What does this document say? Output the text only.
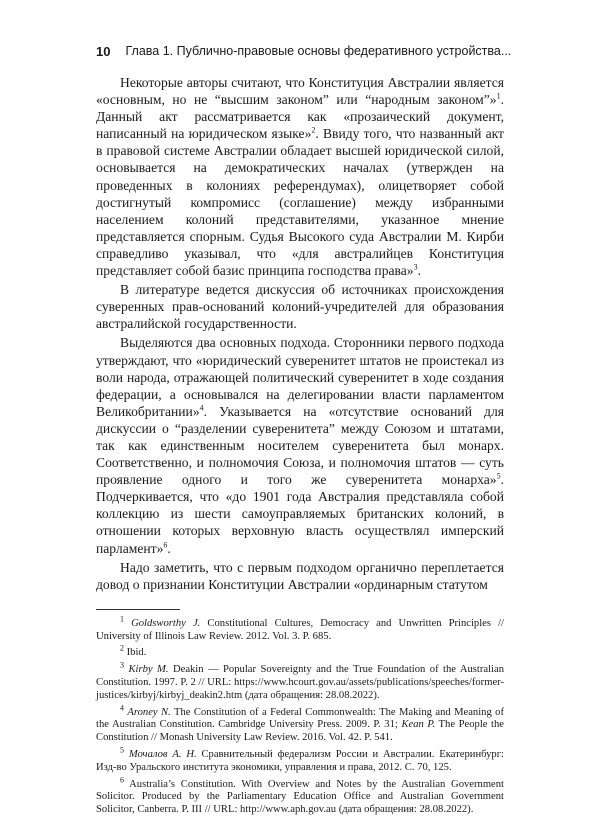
10 Глава 1. Публично-правовые основы федеративного устройства...

Некоторые авторы считают, что Конституция Австралии является «основным, но не “высшим законом” или “народным законом”»$^1$. Данный акт рассматривается как «прозаический документ, написанный на юридическом языке»$^2$. Ввиду того, что названный акт в правовой системе Австралии обладает высшей юридической силой, основывается на демократических началах (утвержден на проведенных в колониях референдумах), олицетворяет собой достигнутый компромисс (соглашение) между избранными населением колоний представителями, указанное мнение представляется спорным. Судья Высокого суда Австралии М. Кирби справедливо указывал, что «для австралийцев Конституция представляет собой базис принципа господства права»$^3$.

В литературе ведется дискуссия об источниках происхождения суверенных прав-оснований колоний-учредителей для образования австралийской государственности.

Выделяются два основных подхода. Сторонники первого подхода утверждают, что «юридический суверенитет штатов не проистекал из воли народа, отражающей политический суверенитет в ходе создания федерации, а основывался на делегировании власти парламентом Великобритании»$^4$. Указывается на «отсутствие оснований для дискуссии о “разделении суверенитета” между Союзом и штатами, так как единственным носителем суверенитета был монарх. Соответственно, и полномочия Союза, и полномочия штатов — суть проявление одного и того же суверенитета монарха»$^5$. Подчеркивается, что «до 1901 года Австралия представляла собой коллекцию из шести самоуправляемых британских колоний, в отношении которых верховную власть осуществлял имперский парламент»$^6$.

Надо заметить, что с первым подходом органично переплетается довод о признании Конституции Австралии «ординарным статутом

$^1$ Goldsworthy J. Constitutional Cultures, Democracy and Unwritten Principles // University of Illinois Law Review. 2012. Vol. 3. P. 685.

$^2$ Ibid.

$^3$ Kirby M. Deakin — Popular Sovereignty and the True Foundation of the Australian Constitution. 1997. P. 2 // URL: https://www.hcourt.gov.au/assets/publications/speeches/former-justices/kirbyj/kirbyj_deakin2.htm (дата обращения: 28.08.2022).

$^4$ Aroney N. The Constitution of a Federal Commonwealth: The Making and Meaning of the Australian Constitution. Cambridge University Press. 2009. P. 31; Kean P. The People the Constitution // Monash University Law Review. 2016. Vol. 42. P. 541.

$^5$ Мочалов А. Н. Сравнительный федерализм России и Австралии. Екатеринбург: Изд-во Уральского института экономики, управления и права, 2012. С. 70, 125.

$^6$ Australia’s Constitution. With Overview and Notes by the Australian Government Solicitor. Produced by the Parliamentary Education Office and Australian Government Solicitor, Canberra. P. III // URL: http://www.aph.gov.au (дата обращения: 28.08.2022).
